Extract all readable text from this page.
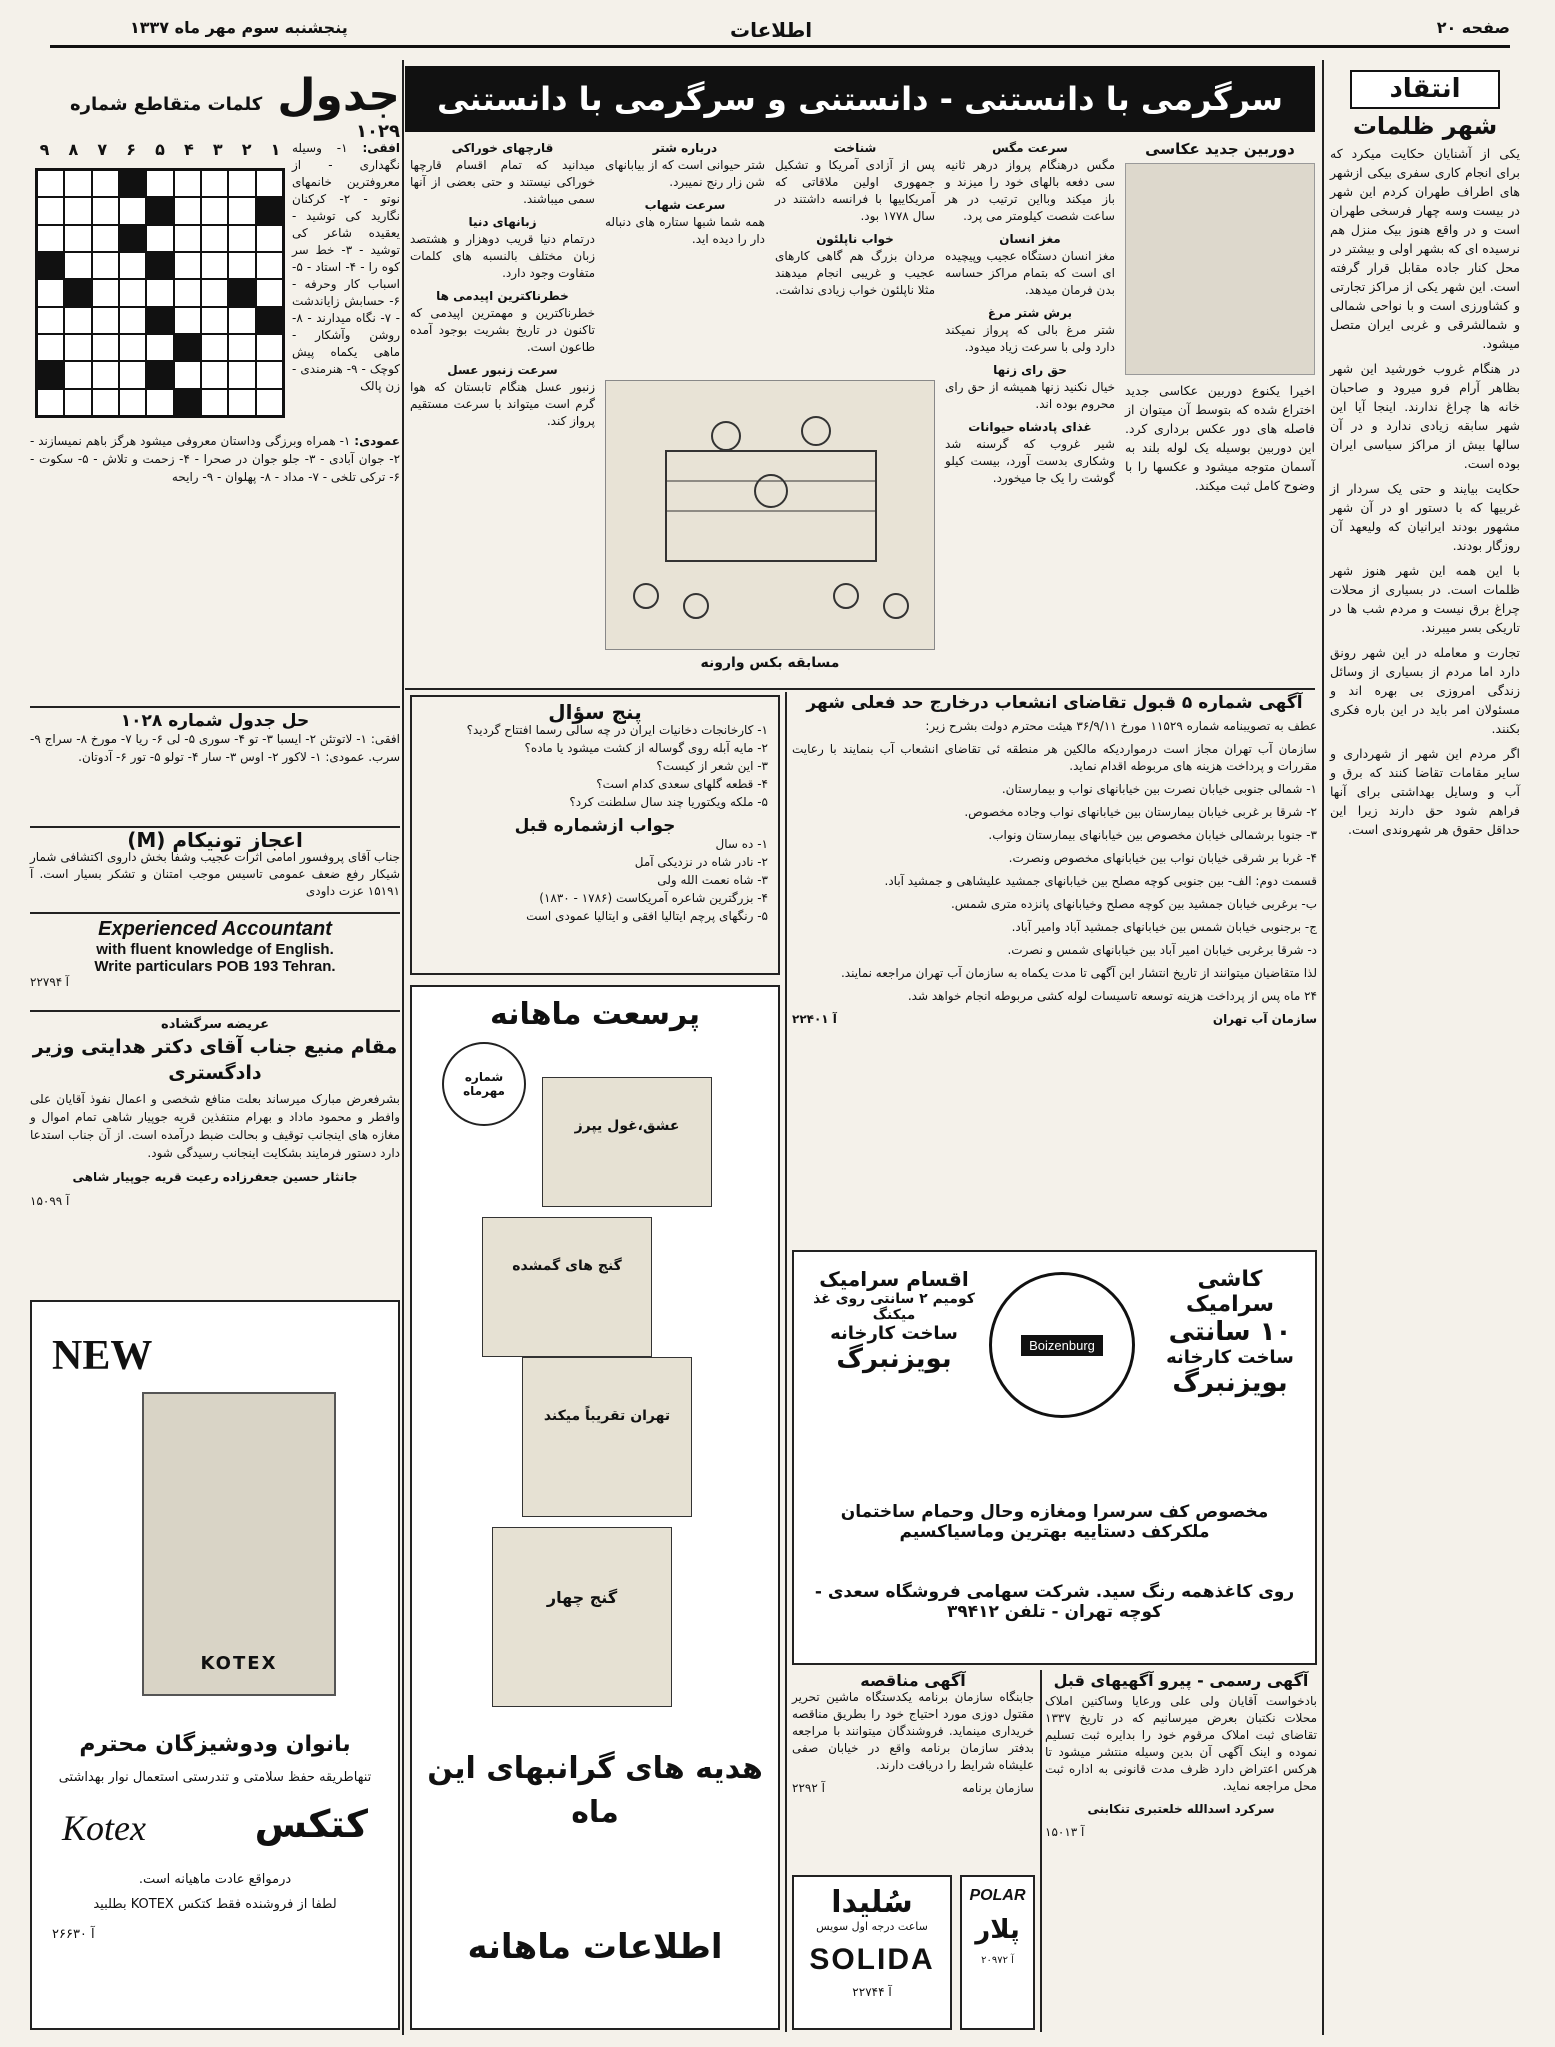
صفحه ۲۰
اطلاعات
پنجشنبه سوم مهر ماه ۱۳۳۷
انتقاد
شهر ظلمات

یکی از آشنایان حکایت میکرد که برای انجام کاری سفری بیکی ازشهر های اطراف طهران کردم این شهر در بیست وسه چهار فرسخی طهران است و در واقع هنوز بیک منزل هم نرسیده ای که بشهر اولی و بیشتر در محل کنار جاده مقابل قرار گرفته است. این شهر یکی از مراکز تجارتی و کشاورزی است و با نواحی شمالی و شمالشرقی و غربی ایران متصل میشود.

در هنگام غروب خورشید این شهر بظاهر آرام فرو میرود و صاحبان خانه ها چراغ ندارند. اینجا آیا این شهر سابقه زیادی ندارد و در آن سالها بیش از مراکز سیاسی ایران بوده است.

حکایت بیایند و حتی یک سردار از غربیها که با دستور او در آن شهر مشهور بودند ایرانیان که ولیعهد آن روزگار بودند.

با این همه این شهر هنوز شهر ظلمات است. در بسیاری از محلات چراغ برق نیست و مردم شب ها در تاریکی بسر میبرند.

تجارت و معامله در این شهر رونق دارد اما مردم از بسیاری از وسائل زندگی امروزی بی بهره اند و مسئولان امر باید در این باره فکری بکنند.

اگر مردم این شهر از شهرداری و سایر مقامات تقاضا کنند که برق و آب و وسایل بهداشتی برای آنها فراهم شود حق دارند زیرا این حداقل حقوق هر شهروندی است.

سرگرمی با دانستنی - دانستنی و سرگرمی با دانستنی
دوربین جدید عکاسی

اخیرا یکنوع دوربین عکاسی جدید اختراع شده که بتوسط آن میتوان از فاصله های دور عکس برداری کرد. این دوربین بوسیله یک لوله بلند به آسمان متوجه میشود و عکسها را با وضوح کامل ثبت میکند.

سرعت مگس

مگس درهنگام پرواز درهر ثانیه سی دفعه بالهای خود را میزند و باز میکند وبااین ترتیب در هر ساعت شصت کیلومتر می پرد.

مغز انسان

مغز انسان دستگاه عجیب وپیچیده ای است که بتمام مراکز حساسه بدن فرمان میدهد.

برش شتر مرغ

شتر مرغ بالی که پرواز نمیکند دارد ولی با سرعت زیاد میدود.

حق رای زنها

خیال نکنید زنها همیشه از حق رای محروم بوده اند.

غذای پادشاه حیوانات

شیر غروب که گرسنه شد وشکاری بدست آورد، بیست کیلو گوشت را یک جا میخورد.

شناخت

پس از آزادی آمریکا و تشکیل جمهوری اولین ملاقاتی که آمریکاییها با فرانسه داشتند در سال ۱۷۷۸ بود.

خواب ناپلئون

مردان بزرگ هم گاهی کارهای عجیب و غریبی انجام میدهند مثلا ناپلئون خواب زیادی نداشت.

درباره شتر

شتر حیوانی است که از بیابانهای شن زار رنج نمیبرد.

سرعت شهاب

همه شما شبها ستاره های دنباله دار را دیده اید.

قارچهای خوراکی

میدانید که تمام اقسام قارچها خوراکی نیستند و حتی بعضی از آنها سمی میباشند.

زبانهای دنیا

درتمام دنیا قریب دوهزار و هشتصد زبان مختلف بالنسبه های کلمات متفاوت وجود دارد.

خطرناکترین اپیدمی ها

خطرناکترین و مهمترین اپیدمی که تاکنون در تاریخ بشریت بوجود آمده طاعون است.

سرعت زنبور عسل

زنبور عسل هنگام تابستان که هوا گرم است میتواند با سرعت مستقیم پرواز کند.

مسابقه بکس وارونه
جدول کلمات متقاطع شماره ۱۰۲۹
۱
۲
۳
۴
۵
۶
۷
۸
۹	افقی: ۱- وسیله نگهداری - از معروفترین خانمهای نوتو - ۲- کرکنان نگارید کی توشید - یعقیده شاعر کی توشید - ۳- خط سر کوه را - ۴- استاد - ۵- اسباب کار وحرفه - ۶- حسابش زایاندشت - ۷- نگاه میدارند - ۸- روشن وآشکار - ماهی یکماه پیش کوچک - ۹- هنرمندی - زن پالک
عمودی: ۱- همراه وبرزگی وداستان معروفی میشود هرگز باهم نمیسازند - ۲- جوان آبادی - ۳- جلو جوان در صحرا - ۴- زحمت و تلاش - ۵- سکوت - ۶- ترکی تلخی - ۷- مداد - ۸- پهلوان - ۹- رایحه
حل جدول شماره ۱۰۲۸

افقی: ۱- لاتوتئن ۲- ایسبا ۳- تو ۴- سوری ۵- لی ۶- ریا ۷- مورخ ۸- سراج ۹- سرب. عمودی: ۱- لاکور ۲- اوس ۳- سار ۴- تولو ۵- تور ۶- آدوتان.

اعجاز تونیکام (M)

جناب آقای پروفسور امامی اثرات عجیب وشفا بخش داروی اکتشافی شمار شیکار رفع ضعف عمومی تاسیس موجب امتنان و تشکر بسیار است. آ ۱۵۱۹۱ عزت داودی

Experienced Accountant
with fluent knowledge of English.
Write particulars POB 193 Tehran.
آ ۲۲۷۹۴
عریضه سرگشاده
مقام منیع جناب آقای دکتر هدایتی وزیر دادگستری

بشرفعرض مبارک میرساند بعلت منافع شخصی و اعمال نفوذ آقایان علی وافطر و محمود ماداد و بهرام منتفذین قریه جوپیار شاهی تمام اموال و مغازه های اینجانب توقیف و بحالت ضبط درآمده است. از آن جناب استدعا دارد دستور فرمایند بشکایت اینجانب رسیدگی شود.

جانثار حسین جعفرزاده رعیت قریه جوپیار شاهی

آ ۱۵۰۹۹

NEW
KOTEX
بانوان ودوشیزگان محترم
تنهاطریقه حفظ سلامتی و تندرستی استعمال نوار بهداشتی
Kotex	کتکس
درمواقع عادت ماهیانه است.
لطفا از فروشنده فقط کتکس KOTEX بطلبید
آ ۲۶۶۳۰
پنج سؤال
۱- کارخانجات دخانیات ایران در چه سالی رسما افتتاح گردید؟
۲- مایه آبله روی گوساله از کشت میشود یا ماده؟
۳- این شعر از کیست؟
۴- قطعه گلهای سعدی کدام است؟
۵- ملکه ویکتوریا چند سال سلطنت کرد؟
جواب ازشماره قبل
۱- ده سال
۲- نادر شاه در نزدیکی آمل
۳- شاه نعمت الله ولی
۴- بزرگترین شاعره آمریکاست (۱۷۸۶ - ۱۸۳۰)
۵- رنگهای پرچم ایتالیا افقی و ایتالیا عمودی است
پرسعت ماهانه
شماره مهرماه
عشق،غول یپرز
گنج های گمشده
تهران تقریباً میکند
گنج چهار
هدیه های گرانبهای این ماه
اطلاعات ماهانه
آگهی شماره ۵ قبول تقاضای انشعاب درخارج حد فعلی شهر

عطف به تصویبنامه شماره ۱۱۵۲۹ مورخ ۳۶/۹/۱۱ هیئت محترم دولت بشرح زیر:

سازمان آب تهران مجاز است درمواردیکه مالکین هر منطقه ئی تقاضای انشعاب آب بنمایند با رعایت مقررات و پرداخت هزینه های مربوطه اقدام نماید.

۱- شمالی جنوبی خیابان نصرت بین خیابانهای نواب و بیمارستان.

۲- شرقا بر غربی خیابان بیمارستان بین خیابانهای نواب وجاده مخصوص.

۳- جنوبا برشمالی خیابان مخصوص بین خیابانهای بیمارستان ونواب.

۴- غربا بر شرقی خیابان نواب بین خیابانهای مخصوص ونصرت.

قسمت دوم: الف- بین جنوبی کوچه مصلح بین خیابانهای جمشید علیشاهی و جمشید آباد.

ب- برغربی خیابان جمشید بین کوچه مصلح وخیابانهای پانزده متری شمس.

ج- برجنوبی خیابان شمس بین خیابانهای جمشید آباد وامیر آباد.

د- شرقا برغربی خیابان امیر آباد بین خیابانهای شمس و نصرت.

لذا متقاضیان میتوانند از تاریخ انتشار این آگهی تا مدت یکماه به سازمان آب تهران مراجعه نمایند.

۲۴ ماه پس از پرداخت هزینه توسعه تاسیسات لوله کشی مربوطه انجام خواهد شد.

سازمان آب تهران
آ ۲۲۴۰۱
کاشی سرامیک
۱۰ سانتی
ساخت کارخانه
بویزنبرگ
Boizenburg
اقسام سرامیک
کومیم ۲ سانتی روی غذ میکنگ
ساخت کارخانه
بویزنبرگ
مخصوص کف سرسرا ومغازه وحال وحمام ساختمان ملکرکف دستاییه بهترین وماسیاکسیم
روی کاغذهمه رنگ سید. شرکت سهامی فروشگاه سعدی - کوچه تهران - تلفن ۳۹۴۱۲
آگهی رسمی - پیرو آگهیهای قبل

بادخواست آقایان ولی علی ورعایا وساکنین املاک محلات نکتبان بعرض میرسانیم که در تاریخ ۱۳۳۷ تقاضای ثبت املاک مرقوم خود را بدایره ثبت تسلیم نموده و اینک آگهی آن بدین وسیله منتشر میشود تا هرکس اعتراض دارد ظرف مدت قانونی به اداره ثبت محل مراجعه نماید.

سرکرد اسدالله خلعتبری تنکابنی

آ ۱۵۰۱۳

آگهی مناقصه

جابنگاه سازمان برنامه یکدستگاه ماشین تحریر مقتول دوزی مورد احتیاج خود را بطریق مناقصه خریداری مینماید. فروشندگان میتوانند با مراجعه بدفتر سازمان برنامه واقع در خیابان صفی علیشاه شرایط را دریافت دارند.

سازمان برنامه
آ ۲۲۹۲
سُلیدا
ساعت درجه اول سویس
SOLIDA
آ ۲۲۷۴۴
POLAR
پلار
آ ۲۰۹۷۲
